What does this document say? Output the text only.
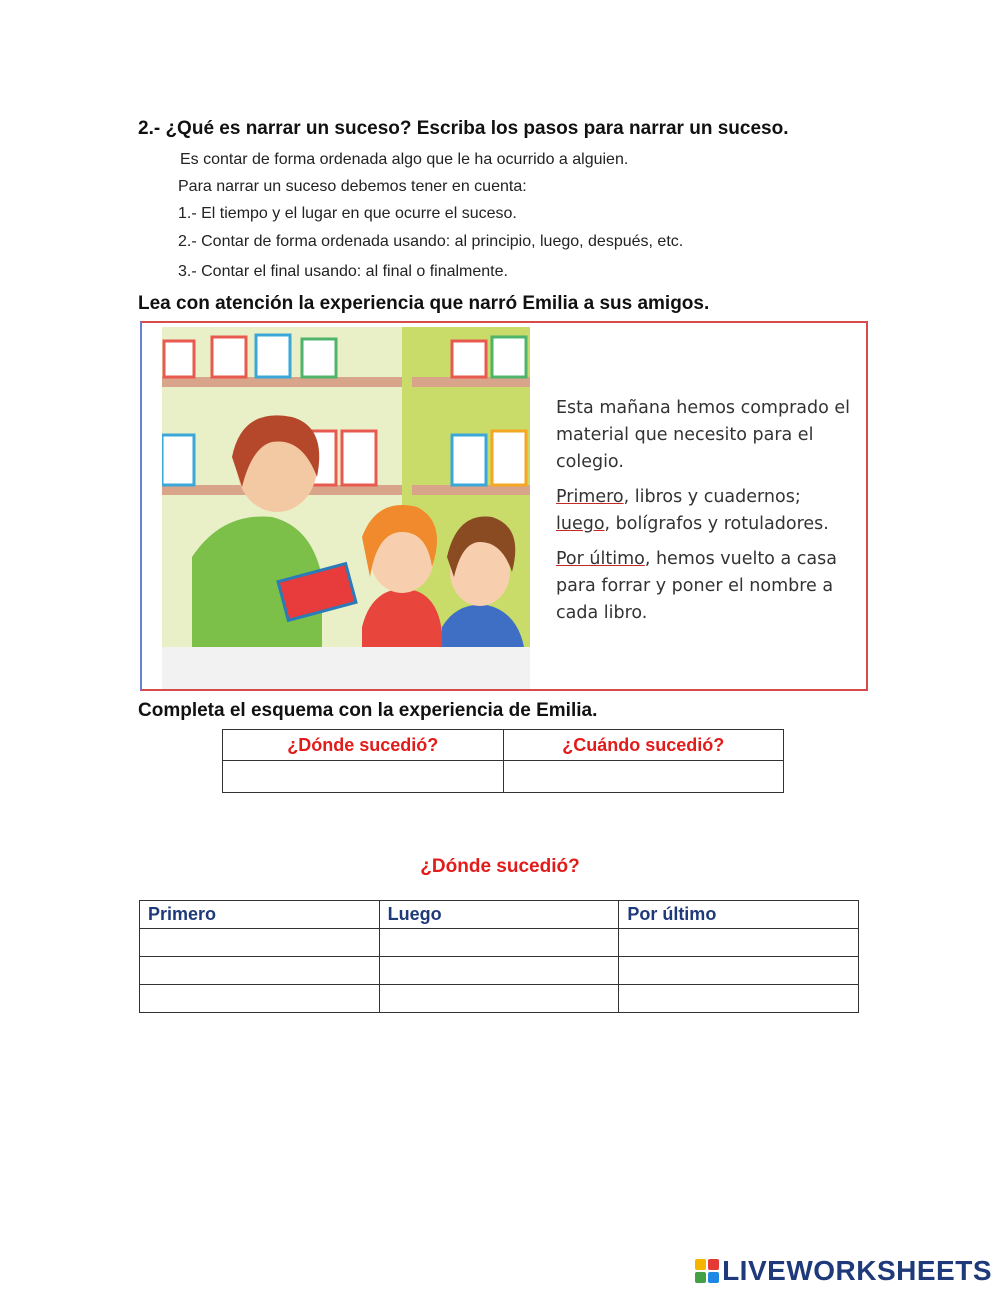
2.- ¿Qué es narrar un suceso? Escriba los pasos para narrar un suceso.
Es contar de forma ordenada algo que le ha ocurrido a alguien.
Para narrar un suceso debemos tener en cuenta:
1.- El tiempo y el lugar en que ocurre el suceso.
2.- Contar de forma ordenada usando: al principio, luego, después, etc.
3.- Contar el final usando: al final o finalmente.
Lea con atención la experiencia que narró Emilia a sus amigos.

Esta mañana hemos comprado el material que necesito para el colegio.

Primero, libros y cuadernos; luego, bolígrafos y rotuladores.

Por último, hemos vuelto a casa para forrar y poner el nombre a cada libro.

Completa el esquema con la experiencia de Emilia.
¿Dónde sucedió?	¿Cuándo sucedió?

¿Dónde sucedió?
Primero	Luego	Por último

LIVEWORKSHEETS
